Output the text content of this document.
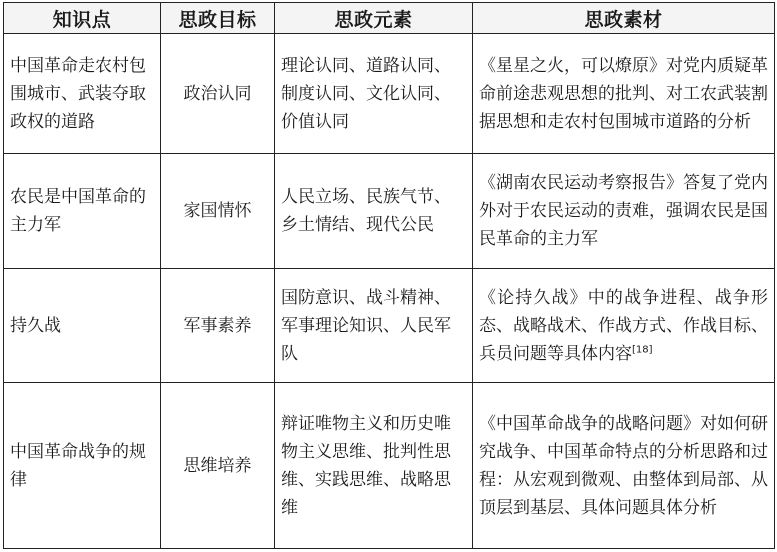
知识点	思政目标	思政元素	思政素材
中国革命走农村包围城市、武装夺取政权的道路	政治认同	理论认同、道路认同、制度认同、文化认同、价值认同	《星星之火，可以燎原》对党内质疑革命前途悲观思想的批判、对工农武装割据思想和走农村包围城市道路的分析
农民是中国革命的主力军	家国情怀	人民立场、民族气节、乡土情结、现代公民	《湖南农民运动考察报告》答复了党内外对于农民运动的责难，强调农民是国民革命的主力军
持久战	军事素养	国防意识、战斗精神、军事理论知识、人民军队	《论持久战》中的战争进程、战争形态、战略战术、作战方式、作战目标、兵员问题等具体内容[18]
中国革命战争的规律	思维培养	辩证唯物主义和历史唯物主义思维、批判性思维、实践思维、战略思维	《中国革命战争的战略问题》对如何研究战争、中国革命特点的分析思路和过程：从宏观到微观、由整体到局部、从顶层到基层、具体问题具体分析
